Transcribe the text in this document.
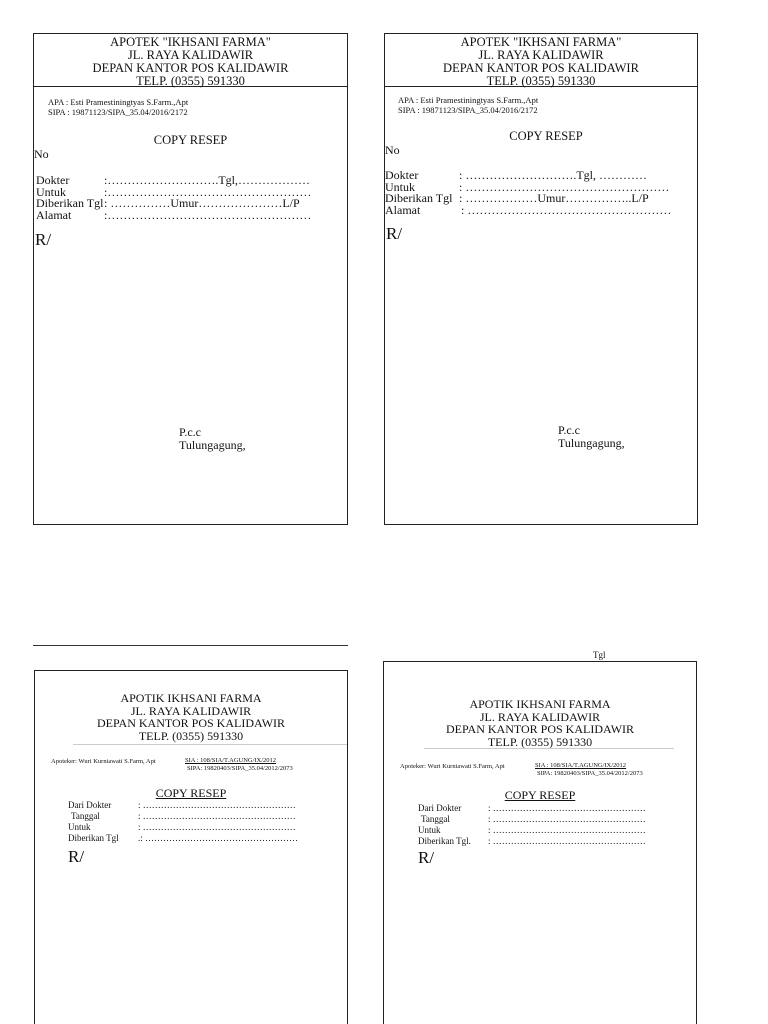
APOTEK "IKHSANI FARMA"
JL. RAYA KALIDAWIR
DEPAN KANTOR POS KALIDAWIR
TELP. (0355) 591330
APA : Esti Pramestiningtyas S.Farm.,Apt
SIPA : 19871123/SIPA_35.04/2016/2172
COPY RESEP
No
Dokter	:……………………….Tgl,………………
Untuk	:……………………………………………
Diberikan Tgl : ……………Umur…………………L/P
Alamat	:……………………………………………
R/
P.c.c
Tulungagung,
APOTEK "IKHSANI FARMA"
JL. RAYA KALIDAWIR
DEPAN KANTOR POS KALIDAWIR
TELP. (0355) 591330
APA : Esti Pramestiningtyas S.Farm.,Apt
SIPA : 19871123/SIPA_35.04/2016/2172
COPY RESEP
No
Dokter	: ……………………….Tgl, …………
Untuk	: ……………………………………………
Diberikan Tgl : ………………Umur……………..L/P
Alamat	: ……………………………………………
R/
P.c.c
Tulungagung,
Tgl
APOTIK IKHSANI FARMA
JL. RAYA KALIDAWIR
DEPAN KANTOR POS KALIDAWIR
TELP. (0355) 591330
Apoteker: Wuri Kurniawati S.Farm, Apt	SIA : 108/SIA/T.AGUNG/IX/2012
SIPA: 19820403/SIPA_35.04/2012/2073
COPY RESEP
Dari Dokter	: ……………………………………………
Tanggal	: ……………………………………………
Untuk	: ……………………………………………
Diberikan Tgl .: ……………………………………………
R/
APOTIK IKHSANI FARMA
JL. RAYA KALIDAWIR
DEPAN KANTOR POS KALIDAWIR
TELP. (0355) 591330
Apoteker: Wuri Kurniawati S.Farm, Apt	SIA : 108/SIA/T.AGUNG/IX/2012
SIPA: 19820403/SIPA_35.04/2012/2073
COPY RESEP
Dari Dokter	: ……………………………………………
Tanggal	: ……………………………………………
Untuk	: ……………………………………………
Diberikan Tgl. : ……………………………………………
R/
